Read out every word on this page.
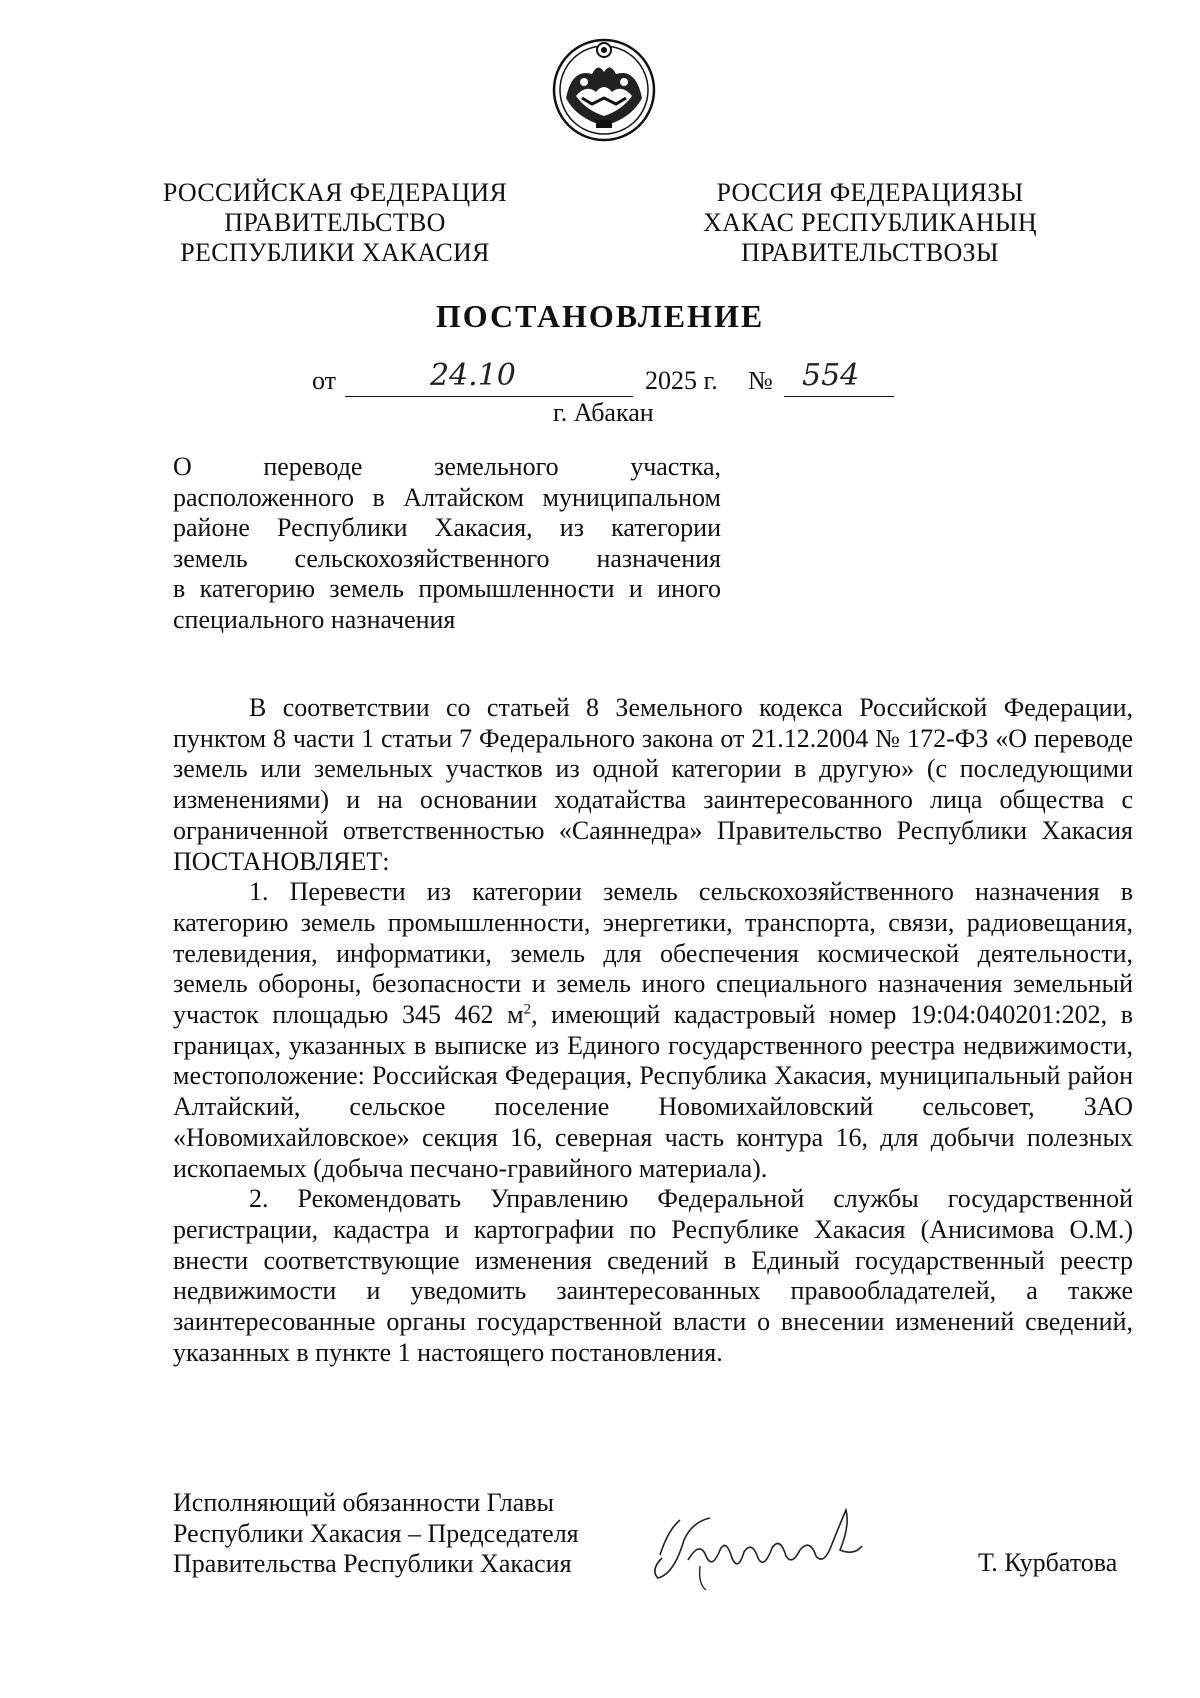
РОССИЙСКАЯ ФЕДЕРАЦИЯ
ПРАВИТЕЛЬСТВО
РЕСПУБЛИКИ ХАКАСИЯ
РОССИЯ ФЕДЕРАЦИЯЗЫ
ХАКАС РЕСПУБЛИКАНЫҢ
ПРАВИТЕЛЬСТВОЗЫ
ПОСТАНОВЛЕНИЕ
от	24.10	2025 г. № 554
г. Абакан
О переводе земельного участка,
расположенного в Алтайском муниципальном
районе Республики Хакасия, из категории
земель сельскохозяйственного назначения
в категорию земель промышленности и иного
специального назначения

В соответствии со статьей 8 Земельного кодекса Российской Федерации, пунктом 8 части 1 статьи 7 Федерального закона от 21.12.2004 № 172-ФЗ «О переводе земель или земельных участков из одной категории в другую» (с последующими изменениями) и на основании ходатайства заинтересованного лица общества с ограниченной ответственностью «Саяннедра» Правительство Республики Хакасия ПОСТАНОВЛЯЕТ:

1. Перевести из категории земель сельскохозяйственного назначения в категорию земель промышленности, энергетики, транспорта, связи, радиовещания, телевидения, информатики, земель для обеспечения космической деятельности, земель обороны, безопасности и земель иного специального назначения земельный участок площадью 345 462 $м^2$, имеющий кадастровый номер 19:04:040201:202, в границах, указанных в выписке из Единого государственного реестра недвижимости, местоположение: Российская Федерация, Республика Хакасия, муниципальный район Алтайский, сельское поселение Новомихайловский сельсовет, ЗАО «Новомихайловское» секция 16, северная часть контура 16, для добычи полезных ископаемых (добыча песчано-гравийного материала).

2. Рекомендовать Управлению Федеральной службы государственной регистрации, кадастра и картографии по Республике Хакасия (Анисимова О.М.) внести соответствующие изменения сведений в Единый государственный реестр недвижимости и уведомить заинтересованных правообладателей, а также заинтересованные органы государственной власти о внесении изменений сведений, указанных в пункте 1 настоящего постановления.

Исполняющий обязанности Главы
Республики Хакасия – Председателя
Правительства Республики Хакасия	Т. Курбатова
